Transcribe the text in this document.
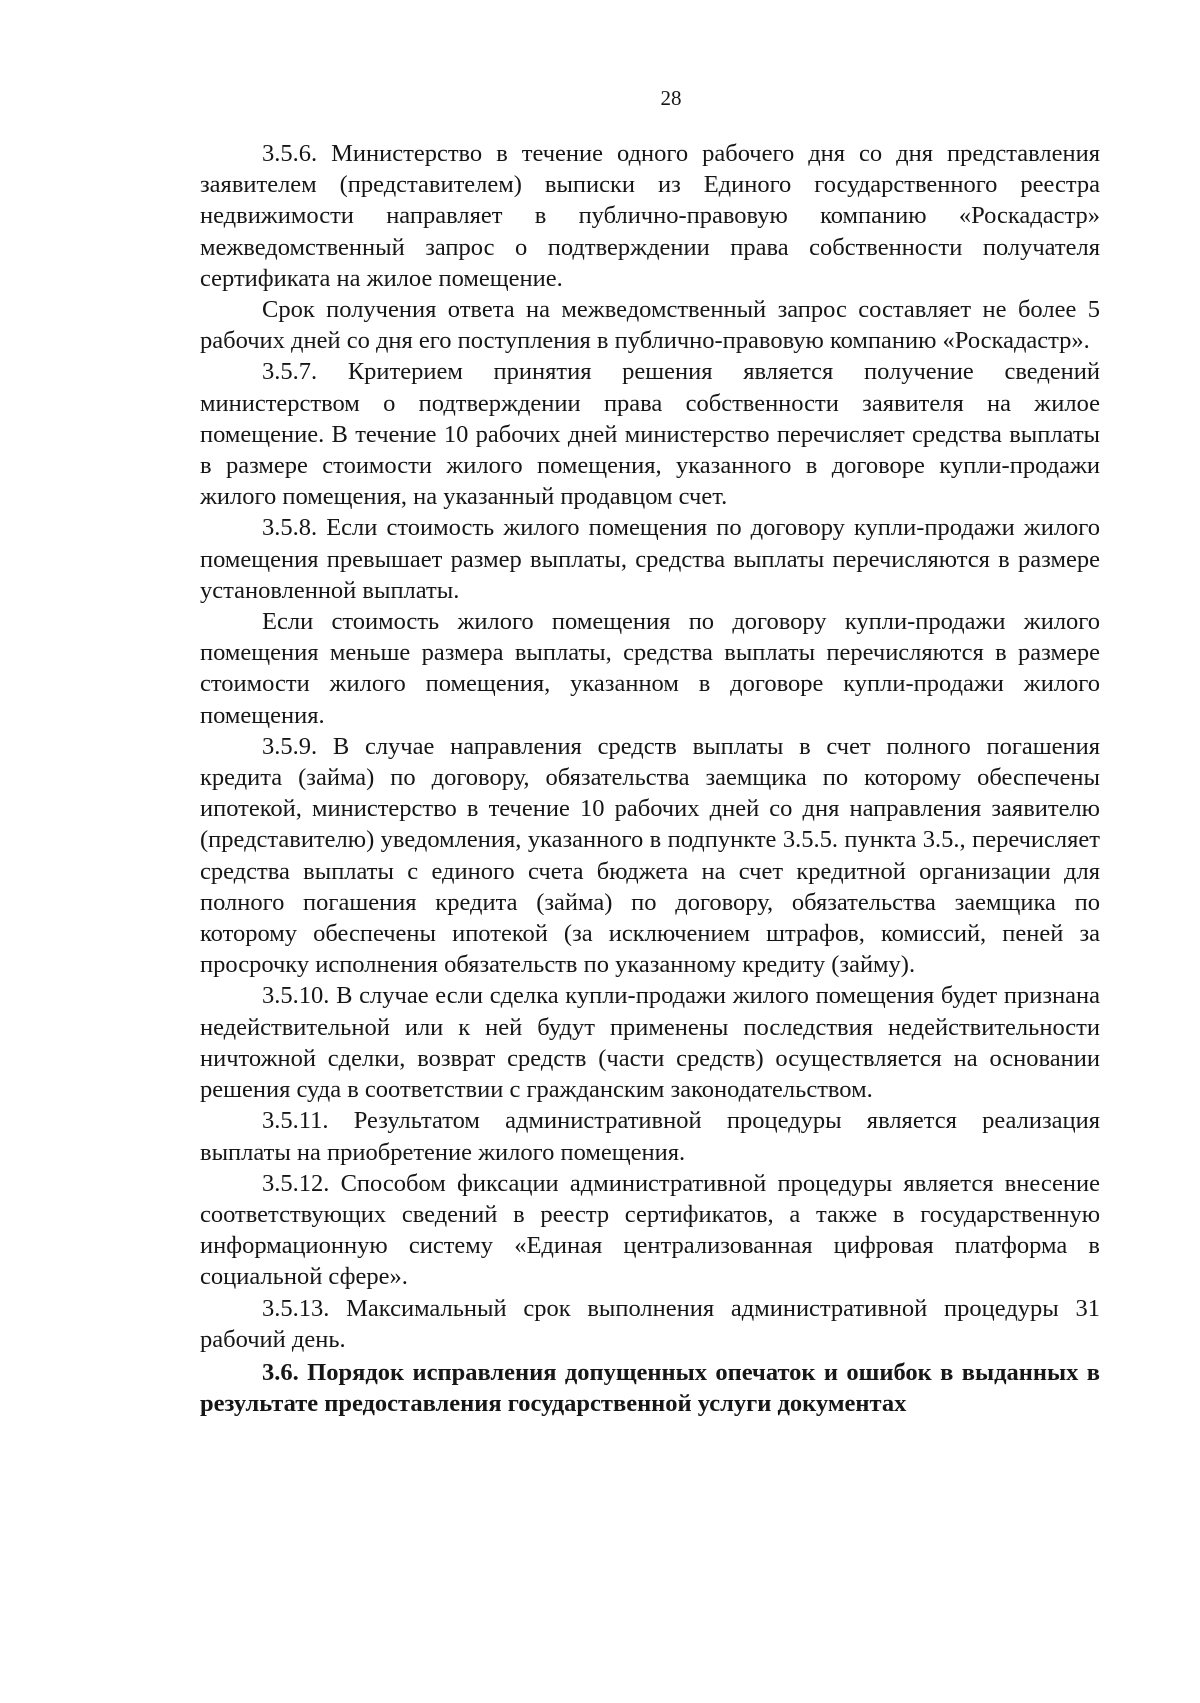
28

3.5.6. Министерство в течение одного рабочего дня со дня представления заявителем (представителем) выписки из Единого государственного реестра недвижимости направляет в публично-правовую компанию «Роскадастр» межведомственный запрос о подтверждении права собственности получателя сертификата на жилое помещение.

Срок получения ответа на межведомственный запрос составляет не более 5 рабочих дней со дня его поступления в публично-правовую компанию «Роскадастр».

3.5.7. Критерием принятия решения является получение сведений министерством о подтверждении права собственности заявителя на жилое помещение. В течение 10 рабочих дней министерство перечисляет средства выплаты в размере стоимости жилого помещения, указанного в договоре купли-продажи жилого помещения, на указанный продавцом счет.

3.5.8. Если стоимость жилого помещения по договору купли-продажи жилого помещения превышает размер выплаты, средства выплаты перечисляются в размере установленной выплаты.

Если стоимость жилого помещения по договору купли-продажи жилого помещения меньше размера выплаты, средства выплаты перечисляются в размере стоимости жилого помещения, указанном в договоре купли-продажи жилого помещения.

3.5.9. В случае направления средств выплаты в счет полного погашения кредита (займа) по договору, обязательства заемщика по которому обеспечены ипотекой, министерство в течение 10 рабочих дней со дня направления заявителю (представителю) уведомления, указанного в подпункте 3.5.5. пункта 3.5., перечисляет средства выплаты с единого счета бюджета на счет кредитной организации для полного погашения кредита (займа) по договору, обязательства заемщика по которому обеспечены ипотекой (за исключением штрафов, комиссий, пеней за просрочку исполнения обязательств по указанному кредиту (займу).

3.5.10. В случае если сделка купли-продажи жилого помещения будет признана недействительной или к ней будут применены последствия недействительности ничтожной сделки, возврат средств (части средств) осуществляется на основании решения суда в соответствии с гражданским законодательством.

3.5.11. Результатом административной процедуры является реализация выплаты на приобретение жилого помещения.

3.5.12. Способом фиксации административной процедуры является внесение соответствующих сведений в реестр сертификатов, а также в государственную информационную систему «Единая централизованная цифровая платформа в социальной сфере».

3.5.13. Максимальный срок выполнения административной процедуры 31 рабочий день.

3.6. Порядок исправления допущенных опечаток и ошибок в выданных в результате предоставления государственной услуги документах
